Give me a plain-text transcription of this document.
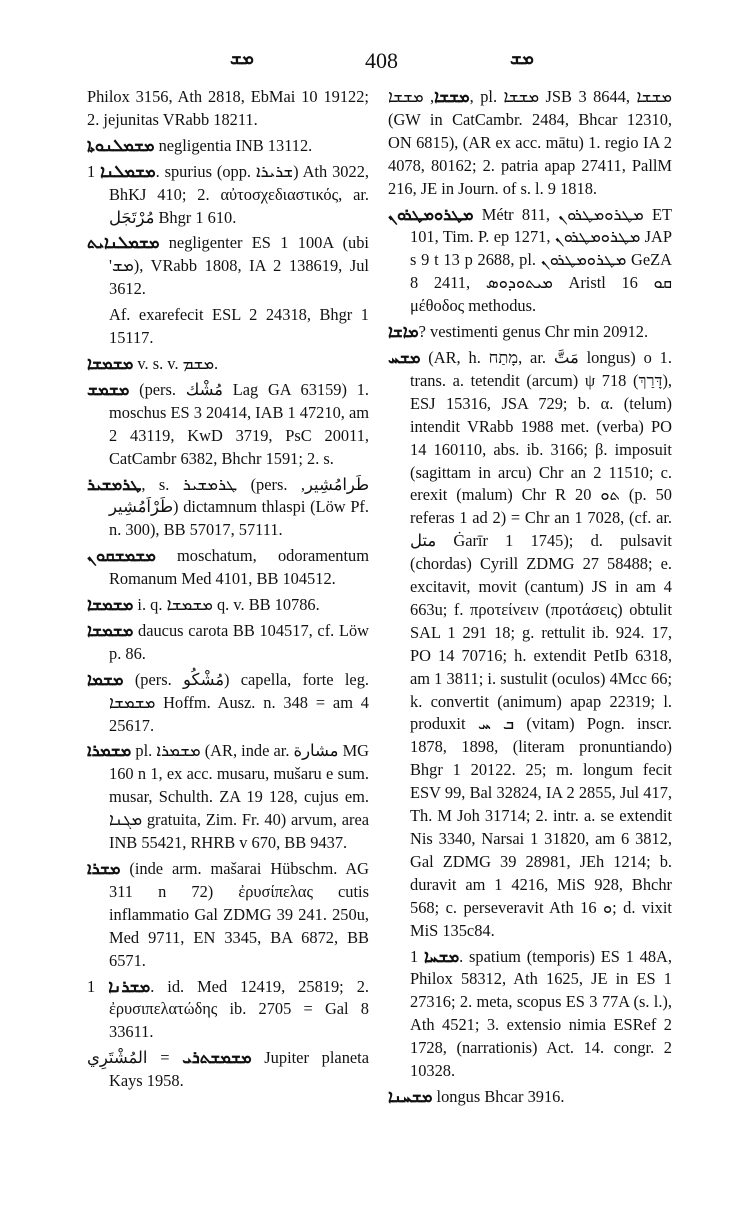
ܡܫ	408	ܡܫ
Philox 3156, Ath 2818, EbMai 10 19122; 2. jejunitas VRabb 18211.
ܡܫܡܠܢܘܬܐ negligentia INB 13112.
ܡܫܡܠܢܐ 1. spurius (opp. ܫܪܝܪܐ) Ath 3022, BhKJ 410; 2. αὐτοσχεδιαστικός, ar. مُرْتَجَل Bhgr 1 610.
ܡܫܡܠܢܐܝܬ negligenter ES 1 100A (ubi 'ܡܫ), VRabb 1808, IA 2 138619, Jul 3612.
Af. exarefecit ESL 2 24318, Bhgr 1 15117.
ܡܫܡܫܐ v. s. v. ܡܫܡ.
ܡܫܡܫ (pers. مُشْك Lag GA 63159) 1. moschus ES 3 20414, IAB 1 47210, am 2 43119, KwD 3719, PsC 20011, CatCambr 6382, Bhchr 1591; 2. s.
ܛܪܡܫܝܪ, s. ܛܪܡܫܝܪ (pers. طَرامُشِير, طَرْاَمُشِير) dictamnum thlaspi (Löw Pf. n. 300), BB 57017, 57111.
ܡܫܡܫܩܘܢ moschatum, odoramentum Romanum Med 4101, BB 104512.
ܡܫܡܫܐ i. q. ܡܫܡܫܐ q. v. BB 10786.
ܡܫܡܫܐ daucus carota BB 104517, cf. Löw p. 86.
ܡܫܡܐ (pers. مُشْكُو) capella, forte leg. ܡܫܡܫܐ Hoffm. Ausz. n. 348 = am 4 25617.
ܡܫܡܪܐ pl. ܡܫܡܪܐ (AR, inde ar. مشارة MG 160 n 1, ex acc. musaru, mušaru e sum. musar, Schulth. ZA 19 128, cujus em. ܡܓܢܐ gratuita, Zim. Fr. 40) arvum, area INB 55421, RHRB v 670, BB 9437.
ܡܫܪܐ (inde arm. mašarai Hübschm. AG 311 n 72) ἐρυσίπελας cutis inflammatio Gal ZDMG 39 241. 250u, Med 9711, EN 3345, BA 6872, BB 6571.
ܡܫܪܢܐ 1. id. Med 12419, 25819; 2. ἐρυσιπελατώδης ib. 2705 = Gal 8 33611.
ܡܫܡܫܬܪܝ = المُشْتَرِي Jupiter planeta Kays 1958.
ܡܫܫܐ, ܡܫܫܐ, pl. ܡܫܫܐ JSB 3 8644, ܡܫܫܐ (GW in CatCambr. 2484, Bhcar 12310, ON 6815), (AR ex acc. mātu) 1. regio IA 2 4078, 80162; 2. patria apap 27411, PallM 216, JE in Journ. of s. l. 9 1818.
ܡܛܪܘܡܛܪܘܢ Métr 811, ܡܛܪܘܡܛܪܘܢ ET 101, Tim. P. ep 1271, ܡܛܪܘܡܛܪܘܢ JAP s 9 t 13 p 2688, pl. ܡܛܪܘܡܛܪܘܢ GeZA 8 2411, ܡܝܬܘܕܘܣ Aristl ܩܘ 16 μέθοδος methodus.
ܡܐܫܐ? vestimenti genus Chr min 20912.
ܡܫܚ (AR, h. מָתַח, ar. مَتَّ longus) o 1. trans. a. tetendit (arcum) ψ 718 (דָּרַךְ), ESJ 15316, JSA 729; b. α. (telum) intendit VRabb 1988 met. (verba) PO 14 160110, abs. ib. 3166; β. imposuit (sagittam in arcu) Chr an 2 11510; c. erexit (malum) Chr R ܬܘ 20 (p. 50 referas 1 ad 2) = Chr an 1 7028, (cf. ar. متل Ġarīr 1 1745); d. pulsavit (chordas) Cyrill ZDMG 27 58488; e. excitavit, movit (cantum) JS in am 4 663u; f. προτείνειν (προτάσεις) obtulit SAL 1 291 18; g. rettulit ib. 924. 17, PO 14 70716; h. extendit PetIb 6318, am 1 3811; i. sustulit (oculos) 4Mcc 66; k. convertit (animum) apap 22319; l. produxit ܒ ܚ (vitam) Pogn. inscr. 1878, 1898, (literam pronuntiando) Bhgr 1 20122. 25; m. longum fecit ESV 99, Bal 32824, IA 2 2855, Jul 417, Th. M Joh 31714; 2. intr. a. se extendit Nis 3340, Narsai 1 31820, am 6 3812, Gal ZDMG 39 28981, JEh 1214; b. duravit am 1 4216, MiS 928, Bhchr 568; c. perseveravit Ath ܘ 16; d. vixit MiS 135c84.
ܡܫܚܐ 1. spatium (temporis) ES 1 48A, Philox 58312, Ath 1625, JE in ES 1 27316; 2. meta, scopus ES 3 77A (s. l.), Ath 4521; 3. extensio nimia ESRef 2 1728, (narrationis) Act. 14. congr. 2 10328.
ܡܫܚܢܐ longus Bhcar 3916.
